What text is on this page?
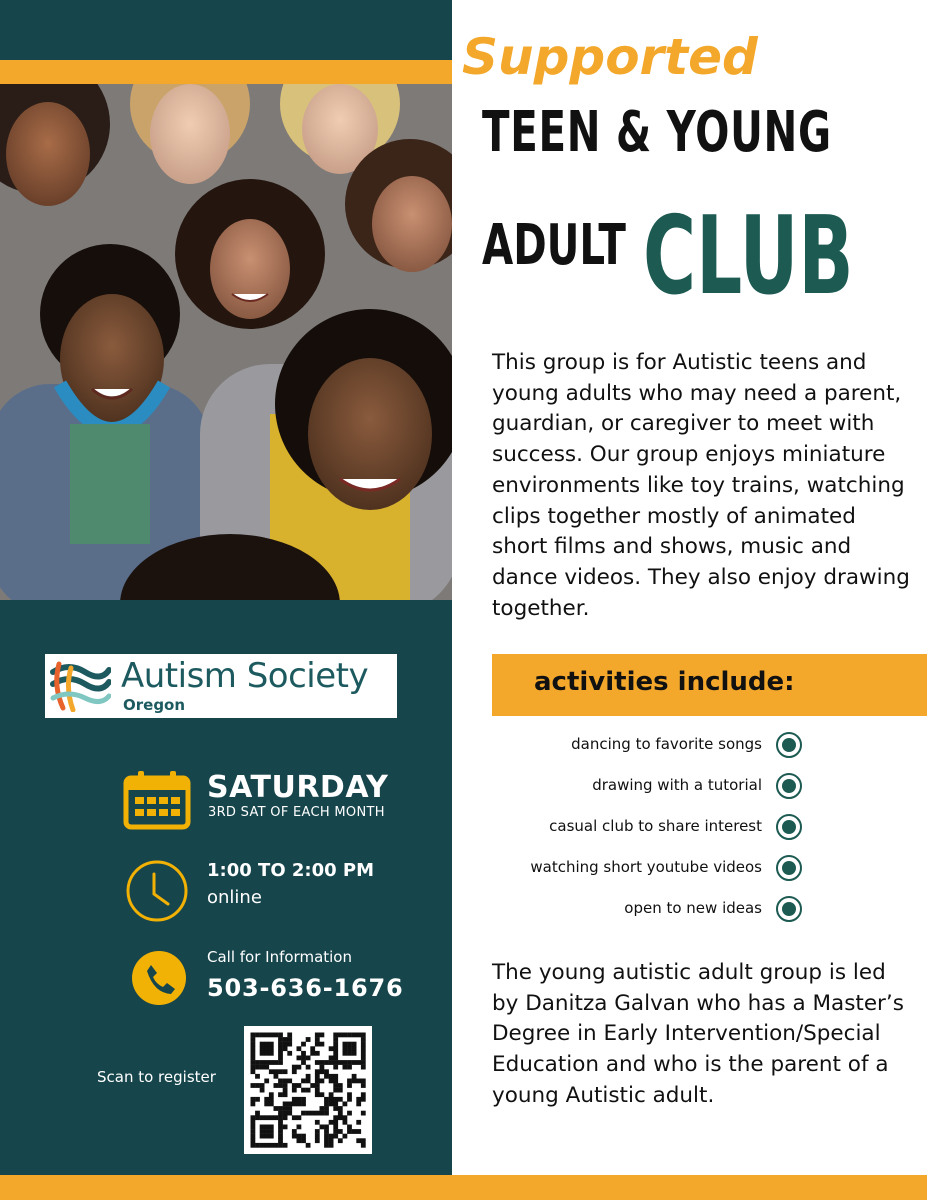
Autism Society
Oregon
SATURDAY
3RD SAT OF EACH MONTH
1:00 TO 2:00 PM
online
Call for Information
503-636-1676
Scan to register
Supported
TEEN & YOUNG
ADULT CLUB
This group is for Autistic teens and young adults who may need a parent, guardian, or caregiver to meet with success. Our group enjoys miniature environments like toy trains, watching clips together mostly of animated short films and shows, music and dance videos. They also enjoy drawing together.
activities include:
dancing to favorite songs
drawing with a tutorial
casual club to share interest
watching short youtube videos
open to new ideas
The young autistic adult group is led by Danitza Galvan who has a Master’s Degree in Early Intervention/Special Education and who is the parent of a young Autistic adult.
